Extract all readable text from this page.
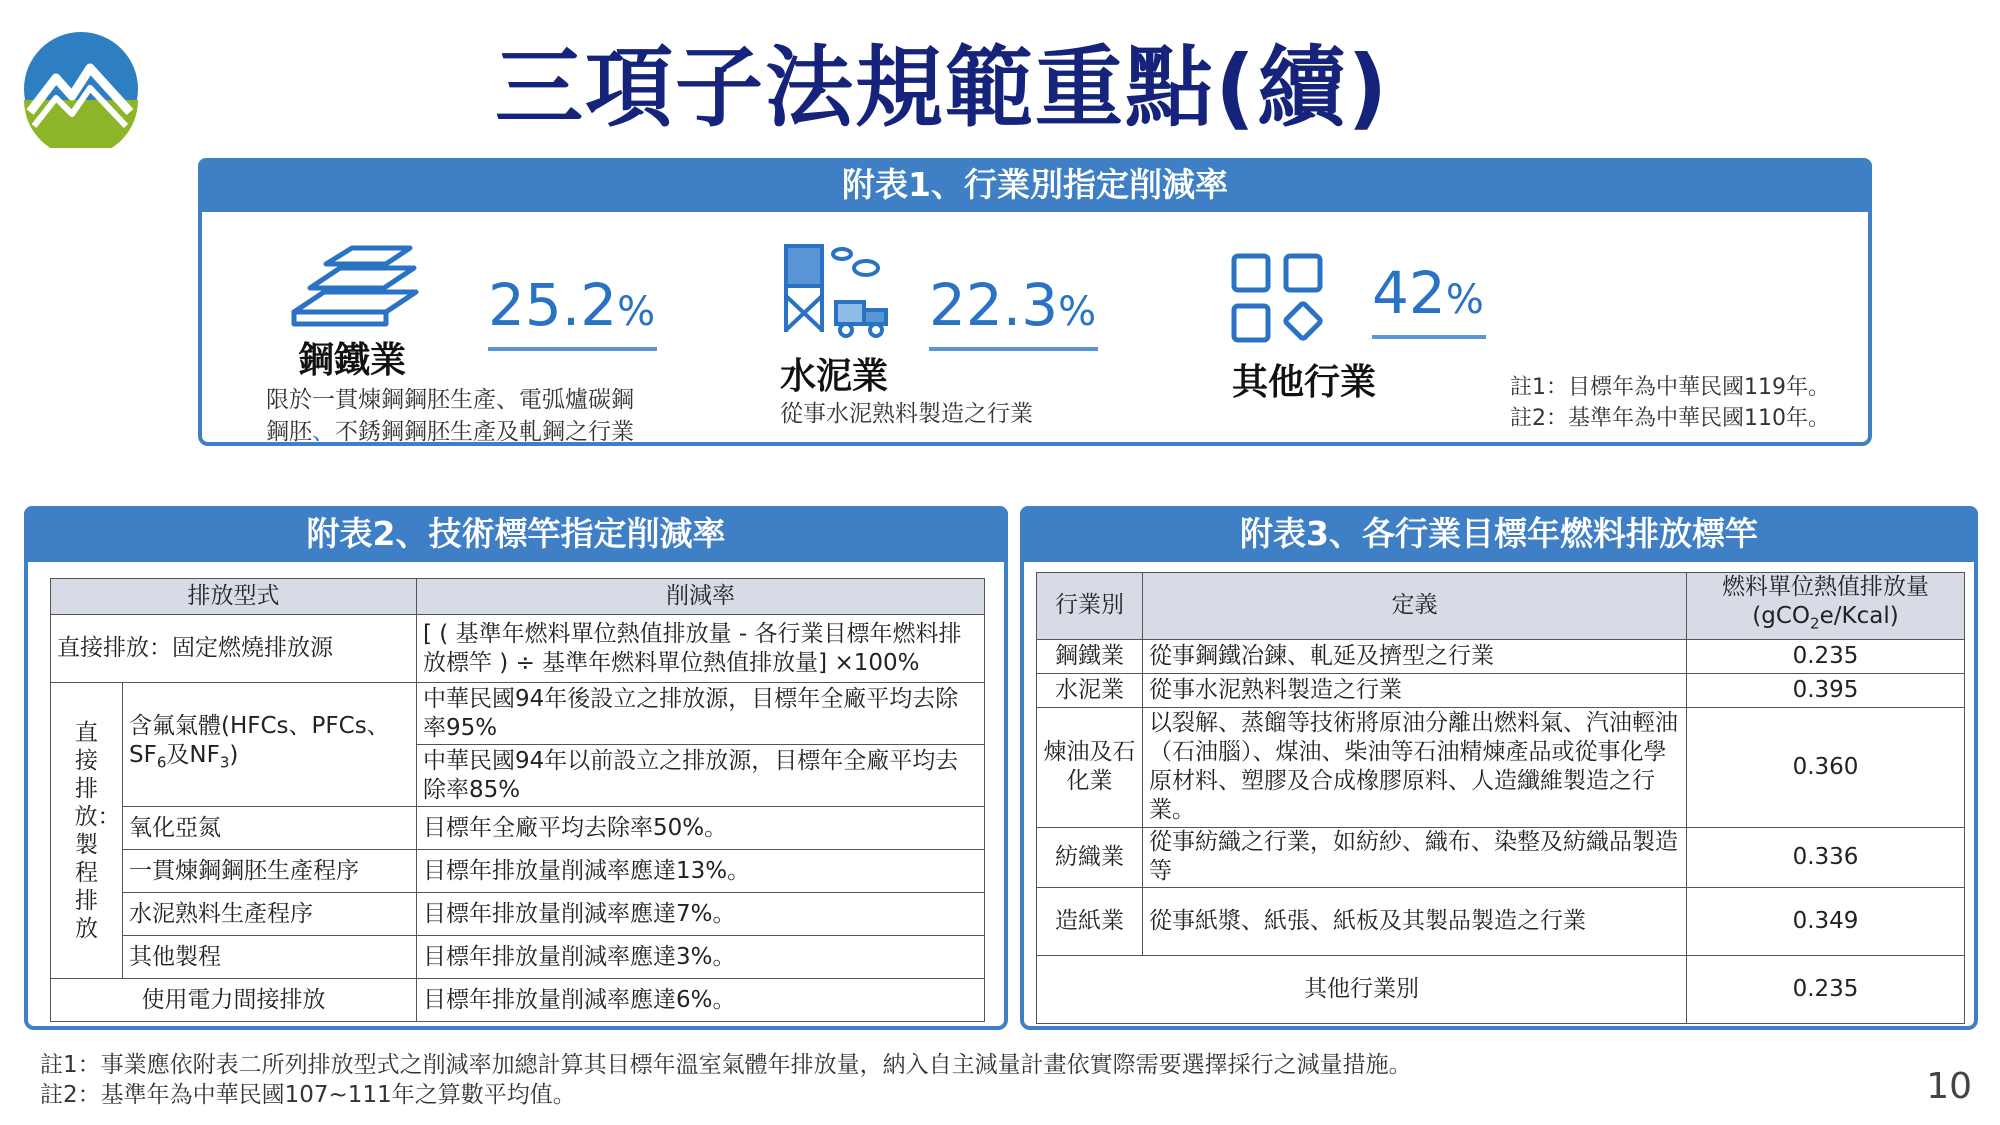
三項子法規範重點(續)
附表1、行業別指定削減率
25.2%
鋼鐵業
限於一貫煉鋼鋼胚生產、電弧爐碳鋼
鋼胚、不銹鋼鋼胚生產及軋鋼之行業
22.3%
水泥業
從事水泥熟料製造之行業
42%
其他行業	註1：目標年為中華民國119年。
註2：基準年為中華民國110年。
附表2、技術標竿指定削減率
排放型式		削減率
直接排放：固定燃燒排放源		[ ( 基準年燃料單位熱值排放量 - 各行業目標年燃料排放標竿 ) ÷ 基準年燃料單位熱值排放量] ×100%

直接排放：製程排放	含氟氣體(HFCs、PFCs、$SF_6$及$NF_3$)	中華民國94年後設立之排放源，目標年全廠平均去除率95%
		中華民國94年以前設立之排放源，目標年全廠平均去除率85%
	氧化亞氮	目標年全廠平均去除率50%。
	一貫煉鋼鋼胚生產程序	目標年排放量削減率應達13%。
	水泥熟料生產程序	目標年排放量削減率應達7%。
	其他製程	目標年排放量削減率應達3%。
使用電力間接排放		目標年排放量削減率應達6%。
附表3、各行業目標年燃料排放標竿
行業別	定義	燃料單位熱值排放量 (gCO$_2$e/Kcal)
鋼鐵業	從事鋼鐵冶鍊、軋延及擠型之行業	0.235
水泥業	從事水泥熟料製造之行業	0.395
煉油及石化業	以裂解、蒸餾等技術將原油分離出燃料氣、汽油輕油（石油腦）、煤油、柴油等石油精煉產品或從事化學原材料、塑膠及合成橡膠原料、人造纖維製造之行業。	0.360
紡織業	從事紡織之行業，如紡紗、織布、染整及紡織品製造等	0.336
造紙業	從事紙漿、紙張、紙板及其製品製造之行業	0.349
其他行業別		0.235
註1：事業應依附表二所列排放型式之削減率加總計算其目標年溫室氣體年排放量，納入自主減量計畫依實際需要選擇採行之減量措施。
註2：基準年為中華民國107~111年之算數平均值。	10
